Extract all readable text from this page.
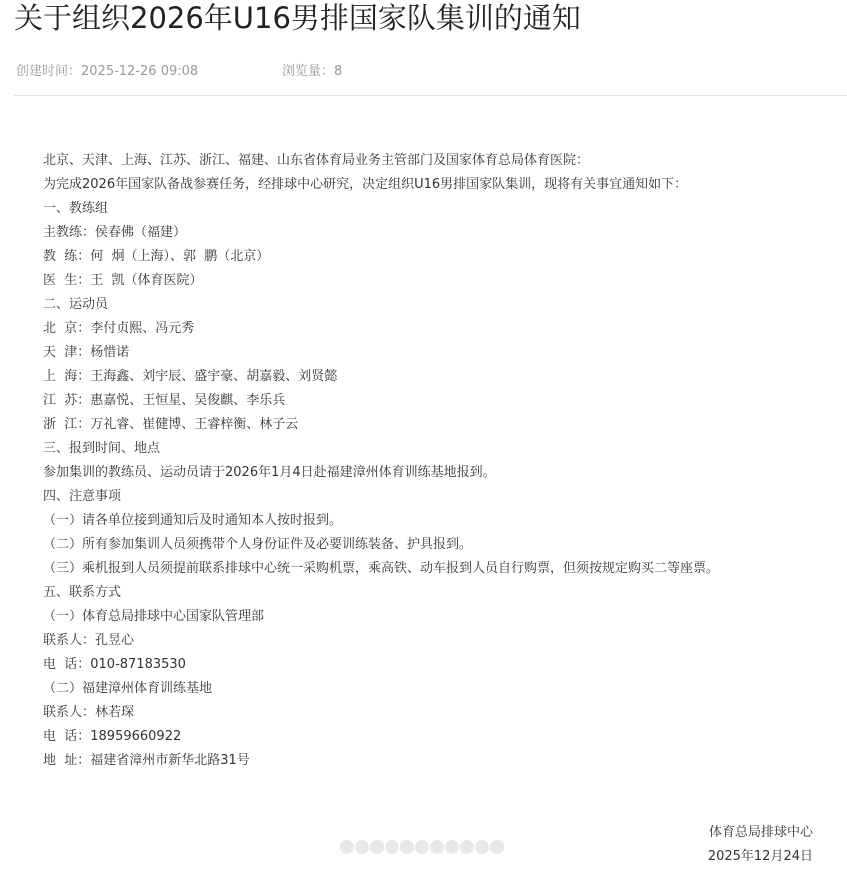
关于组织2026年U16男排国家队集训的通知
创建时间：2025-12-26 09:08	浏览量：8
北京、天津、上海、江苏、浙江、福建、山东省体育局业务主管部门及国家体育总局体育医院：
为完成2026年国家队备战参赛任务，经排球中心研究，决定组织U16男排国家队集训，现将有关事宜通知如下：
一、教练组
主教练：侯春佛（福建）
教  练：何  炯（上海）、郭  鹏（北京）
医  生：王  凯（体育医院）
二、运动员
北  京：李付贞熙、冯元秀
天  津：杨惜诺
上  海：王海鑫、刘宇辰、盛宇豪、胡嘉毅、刘贤懿
江  苏：惠嘉悦、王恒星、吴俊麒、李乐兵
浙  江：万礼睿、崔健博、王睿梓衡、林子云
三、报到时间、地点
参加集训的教练员、运动员请于2026年1月4日赴福建漳州体育训练基地报到。
四、注意事项
（一）请各单位接到通知后及时通知本人按时报到。
（二）所有参加集训人员须携带个人身份证件及必要训练装备、护具报到。
（三）乘机报到人员须提前联系排球中心统一采购机票，乘高铁、动车报到人员自行购票，但须按规定购买二等座票。
五、联系方式
（一）体育总局排球中心国家队管理部
联系人：孔昱心
电  话：010-87183530
（二）福建漳州体育训练基地
联系人：林若琛
电  话：18959660922
地  址：福建省漳州市新华北路31号
体育总局排球中心
2025年12月24日
